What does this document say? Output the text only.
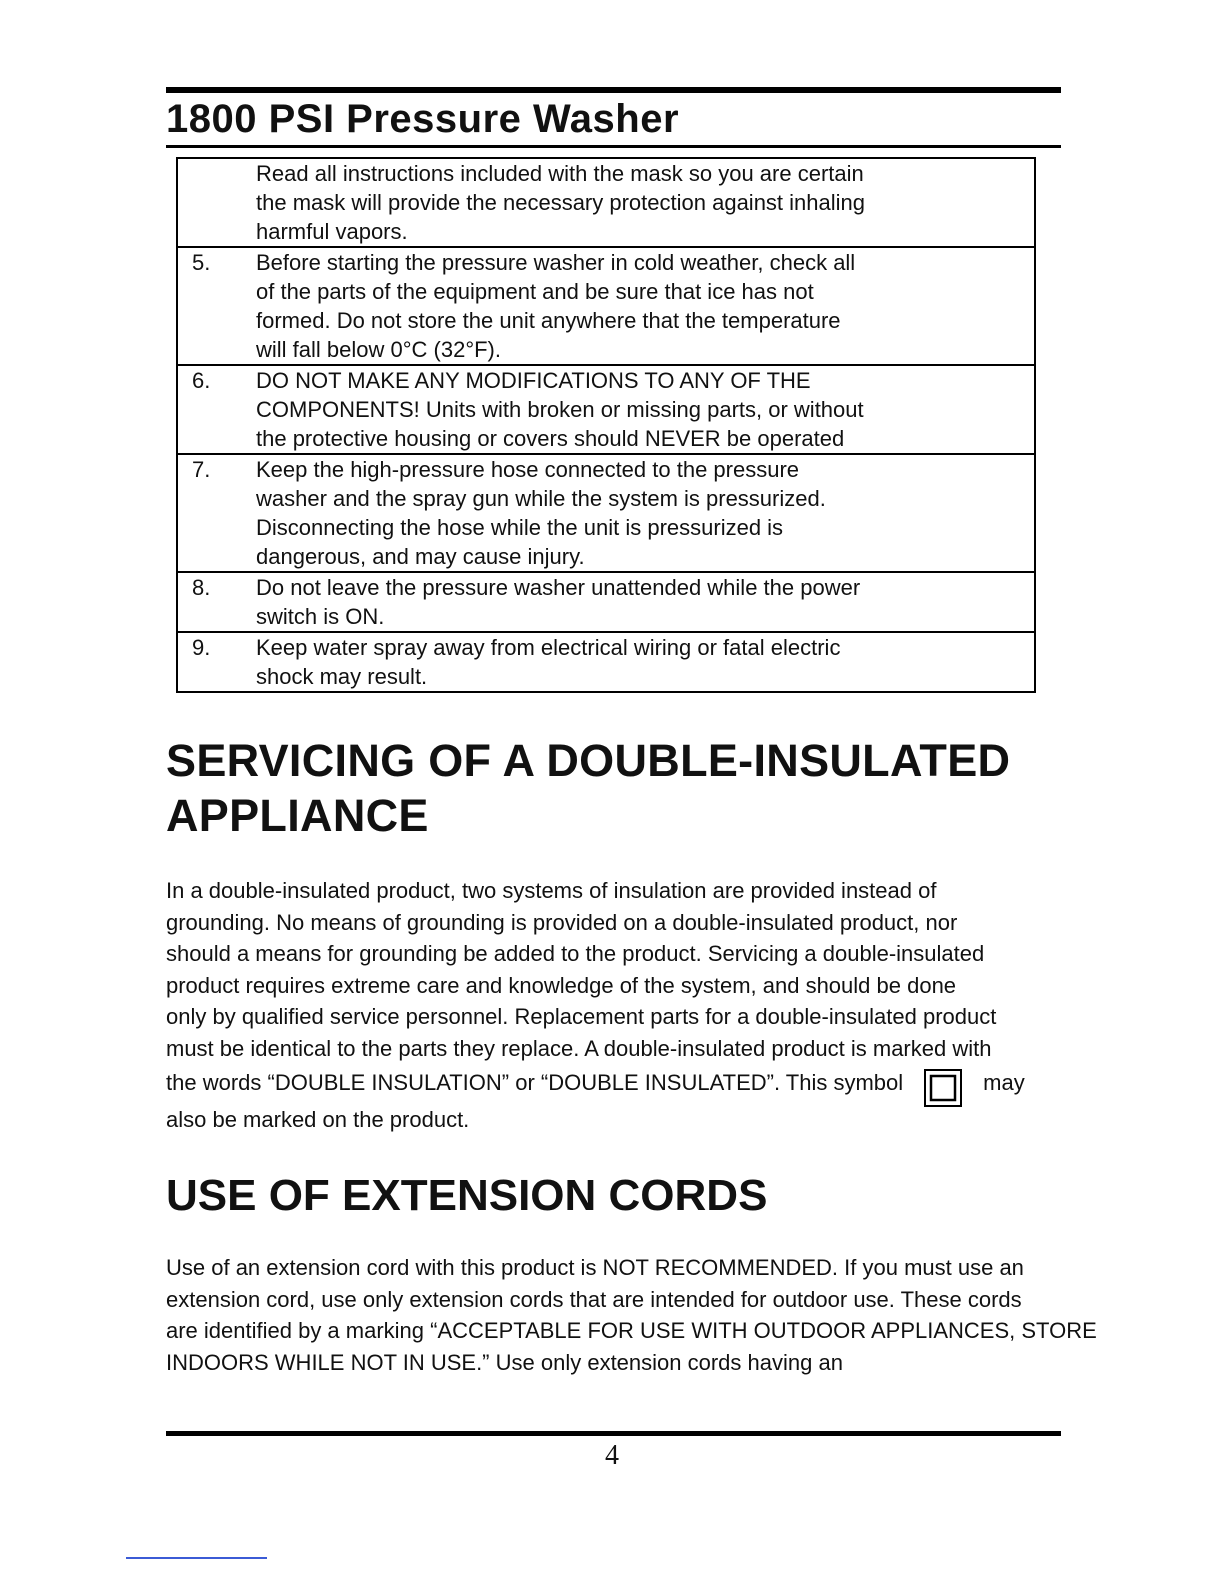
1800 PSI Pressure Washer

	Read all instructions included with the mask so you are certain
the mask will provide the necessary protection against inhaling
harmful vapors.

5.	Before starting the pressure washer in cold weather, check all
of the parts of the equipment and be sure that ice has not
formed. Do not store the unit anywhere that the temperature
will fall below 0°C (32°F).

6.	DO NOT MAKE ANY MODIFICATIONS TO ANY OF THE
COMPONENTS! Units with broken or missing parts, or without
the protective housing or covers should NEVER be operated

7.	Keep the high-pressure hose connected to the pressure
washer and the spray gun while the system is pressurized.
Disconnecting the hose while the unit is pressurized is
dangerous, and may cause injury.

8.	Do not leave the pressure washer unattended while the power
switch is ON.

9.	Keep water spray away from electrical wiring or fatal electric
shock may result.
SERVICING OF A DOUBLE-INSULATED
APPLIANCE
In a double-insulated product, two systems of insulation are provided instead of
grounding. No means of grounding is provided on a double-insulated product, nor
should a means for grounding be added to the product. Servicing a double-insulated
product requires extreme care and knowledge of the system, and should be done
only by qualified service personnel. Replacement parts for a double-insulated product
must be identical to the parts they replace. A double-insulated product is marked with
the words “DOUBLE INSULATION” or “DOUBLE INSULATED”. This symbol	may
also be marked on the product.
USE OF EXTENSION CORDS
Use of an extension cord with this product is NOT RECOMMENDED. If you must use an
extension cord, use only extension cords that are intended for outdoor use. These cords
are identified by a marking “ACCEPTABLE FOR USE WITH OUTDOOR APPLIANCES, STORE
INDOORS WHILE NOT IN USE.” Use only extension cords having an
4
